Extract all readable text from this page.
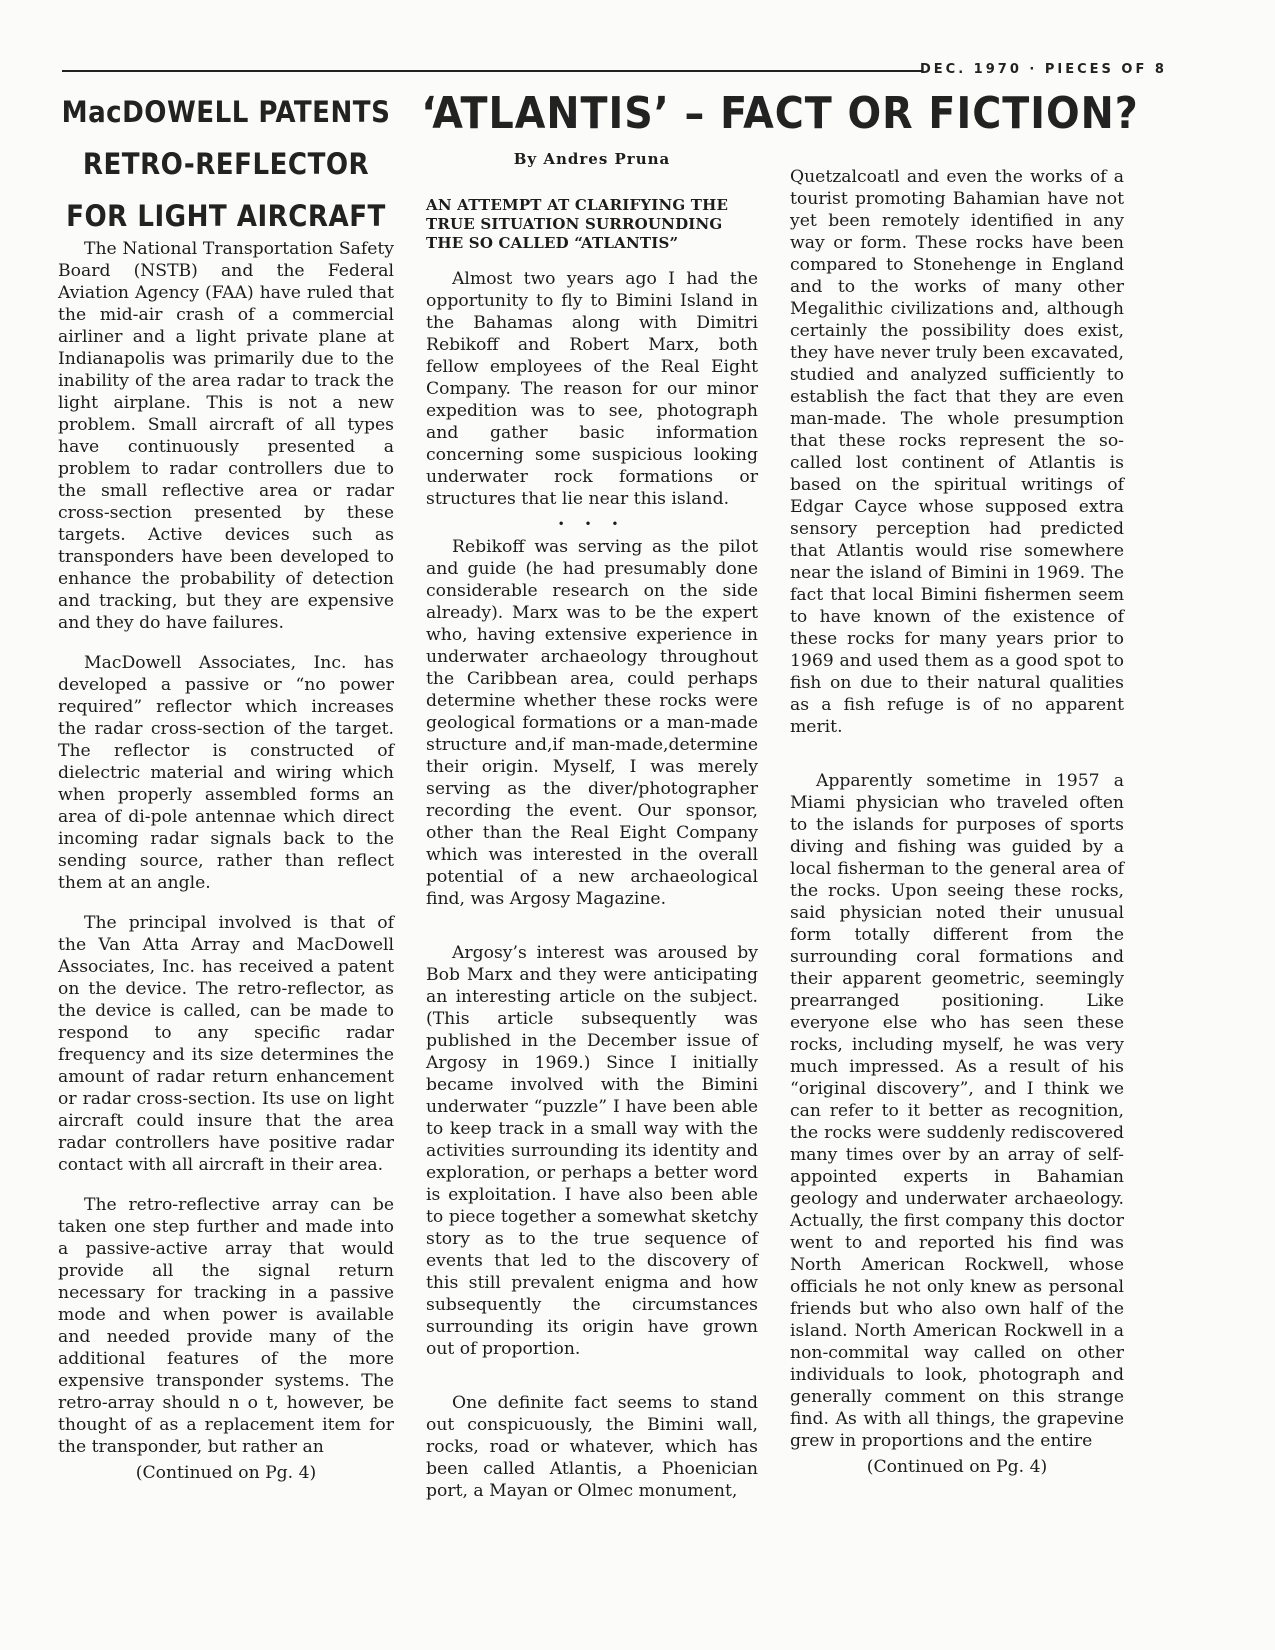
DEC. 1970 · PIECES OF 8
MacDOWELL PATENTS
RETRO-REFLECTOR
FOR LIGHT AIRCRAFT

The National Transportation Safety Board (NSTB) and the Federal Aviation Agency (FAA) have ruled that the mid-air crash of a commercial airliner and a light private plane at Indianapolis was primarily due to the inability of the area radar to track the light airplane. This is not a new problem. Small aircraft of all types have continuously presented a problem to radar controllers due to the small reflective area or radar cross-section presented by these targets. Active devices such as transponders have been developed to enhance the probability of detection and tracking, but they are expensive and they do have failures.

MacDowell Associates, Inc. has developed a passive or “no power required” reflector which increases the radar cross-section of the target. The reflector is constructed of dielectric material and wiring which when properly assembled forms an area of di-pole antennae which direct incoming radar signals back to the sending source, rather than reflect them at an angle.

The principal involved is that of the Van Atta Array and MacDowell Associates, Inc. has received a patent on the device. The retro-reflector, as the device is called, can be made to respond to any specific radar frequency and its size determines the amount of radar return enhancement or radar cross-section. Its use on light aircraft could insure that the area radar controllers have positive radar contact with all aircraft in their area.

The retro-reflective array can be taken one step further and made into a passive-active array that would provide all the signal return necessary for tracking in a passive mode and when power is available and needed provide many of the additional features of the more expensive transponder systems. The retro-array should n o t, however, be thought of as a replacement item for the transponder, but rather an

(Continued on Pg. 4)

‘ATLANTIS’ – FACT OR FICTION?
By Andres Pruna
AN ATTEMPT AT CLARIFYING THE TRUE SITUATION SURROUNDING THE SO CALLED “ATLANTIS”

Almost two years ago I had the opportunity to fly to Bimini Island in the Bahamas along with Dimitri Rebikoff and Robert Marx, both fellow employees of the Real Eight Company. The reason for our minor expedition was to see, photograph and gather basic information concerning some suspicious looking underwater rock formations or structures that lie near this island.

• • •

Rebikoff was serving as the pilot and guide (he had presumably done considerable research on the side already). Marx was to be the expert who, having extensive experience in underwater archaeology throughout the Caribbean area, could perhaps determine whether these rocks were geological formations or a man-made structure and,if man-made,determine their origin. Myself, I was merely serving as the diver/photographer recording the event. Our sponsor, other than the Real Eight Company which was interested in the overall potential of a new archaeological find, was Argosy Magazine.

Argosy’s interest was aroused by Bob Marx and they were anticipating an interesting article on the subject. (This article subsequently was published in the December issue of Argosy in 1969.) Since I initially became involved with the Bimini underwater “puzzle” I have been able to keep track in a small way with the activities surrounding its identity and exploration, or perhaps a better word is exploitation. I have also been able to piece together a somewhat sketchy story as to the true sequence of events that led to the discovery of this still prevalent enigma and how subsequently the circumstances surrounding its origin have grown out of proportion.

One definite fact seems to stand out conspicuously, the Bimini wall, rocks, road or whatever, which has been called Atlantis, a Phoenician port, a Mayan or Olmec monument,

Quetzalcoatl and even the works of a tourist promoting Bahamian have not yet been remotely identified in any way or form. These rocks have been compared to Stonehenge in England and to the works of many other Megalithic civilizations and, although certainly the possibility does exist, they have never truly been excavated, studied and analyzed sufficiently to establish the fact that they are even man-made. The whole presumption that these rocks represent the so-called lost continent of Atlantis is based on the spiritual writings of Edgar Cayce whose supposed extra sensory perception had predicted that Atlantis would rise somewhere near the island of Bimini in 1969. The fact that local Bimini fishermen seem to have known of the existence of these rocks for many years prior to 1969 and used them as a good spot to fish on due to their natural qualities as a fish refuge is of no apparent merit.

Apparently sometime in 1957 a Miami physician who traveled often to the islands for purposes of sports diving and fishing was guided by a local fisherman to the general area of the rocks. Upon seeing these rocks, said physician noted their unusual form totally different from the surrounding coral formations and their apparent geometric, seemingly prearranged positioning. Like everyone else who has seen these rocks, including myself, he was very much impressed. As a result of his “original discovery”, and I think we can refer to it better as recognition, the rocks were suddenly rediscovered many times over by an array of self-appointed experts in Bahamian geology and underwater archaeology. Actually, the first company this doctor went to and reported his find was North American Rockwell, whose officials he not only knew as personal friends but who also own half of the island. North American Rockwell in a non-commital way called on other individuals to look, photograph and generally comment on this strange find. As with all things, the grapevine grew in proportions and the entire

(Continued on Pg. 4)
